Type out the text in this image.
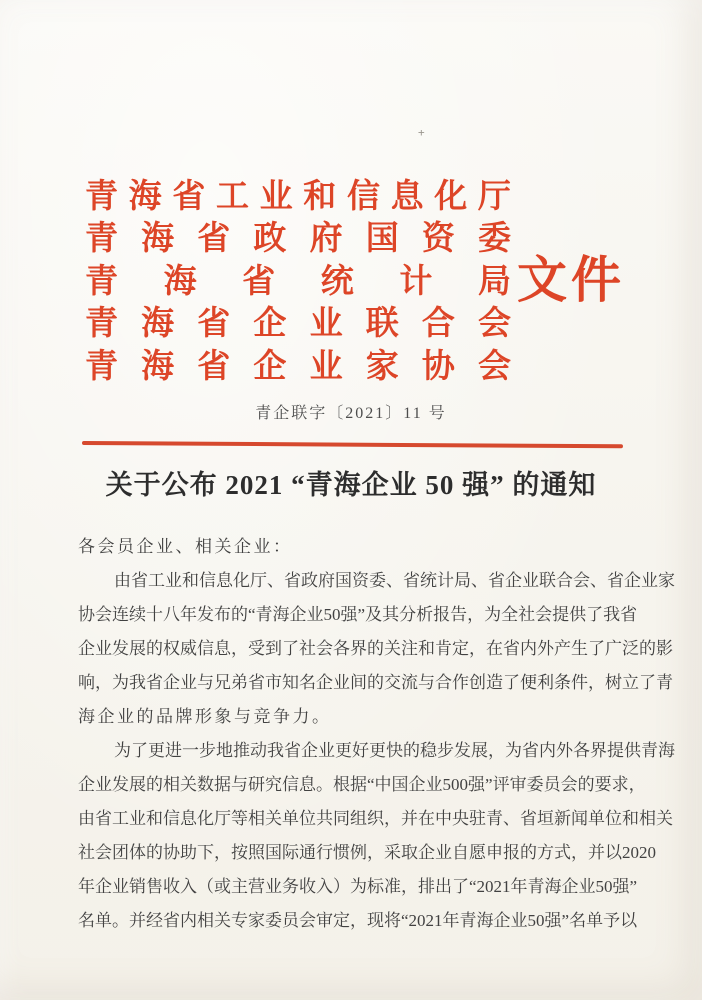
+
青 海 省 工 业 和 信 息 化 厅
青 海 省 政 府 国 资 委
青 海 省 统 计 局
青 海 省 企 业 联 合 会
青 海 省 企 业 家 协 会
文 件
青企联字〔2021〕11 号
关于公布 2021 “青海企业 50 强” 的通知
各会员企业、相关企业：
由 省 工 业 和 信 息 化 厅 、 省 政 府 国 资 委 、 省 统 计 局 、 省 企 业 联 合 会 、 省 企 业 家
协 会 连 续 十 八 年 发 布 的 “ 青 海 企 业 50 强 ” 及 其 分 析 报 告 ， 为 全 社 会 提 供 了 我 省
企 业 发 展 的 权 威 信 息 ， 受 到 了 社 会 各 界 的 关 注 和 肯 定 ， 在 省 内 外 产 生 了 广 泛 的 影
响 ， 为 我 省 企 业 与 兄 弟 省 市 知 名 企 业 间 的 交 流 与 合 作 创 造 了 便 利 条 件 ， 树 立 了 青
海企业的品牌形象与竞争力。
为 了 更 进 一 步 地 推 动 我 省 企 业 更 好 更 快 的 稳 步 发 展 ， 为 省 内 外 各 界 提 供 青 海
企 业 发 展 的 相 关 数 据 与 研 究 信 息 。 根 据 “ 中 国 企 业 500 强 ” 评 审 委 员 会 的 要 求 ，
由 省 工 业 和 信 息 化 厅 等 相 关 单 位 共 同 组 织 ， 并 在 中 央 驻 青 、 省 垣 新 闻 单 位 和 相 关
社 会 团 体 的 协 助 下 ， 按 照 国 际 通 行 惯 例 ， 采 取 企 业 自 愿 申 报 的 方 式 ， 并 以 2020
年 企 业 销 售 收 入 （ 或 主 营 业 务 收 入 ） 为 标 准 ， 排 出 了 “ 2021 年 青 海 企 业 50 强 ”
名 单 。 并 经 省 内 相 关 专 家 委 员 会 审 定 ， 现 将 “ 2021 年 青 海 企 业 50 强 ” 名 单 予 以
